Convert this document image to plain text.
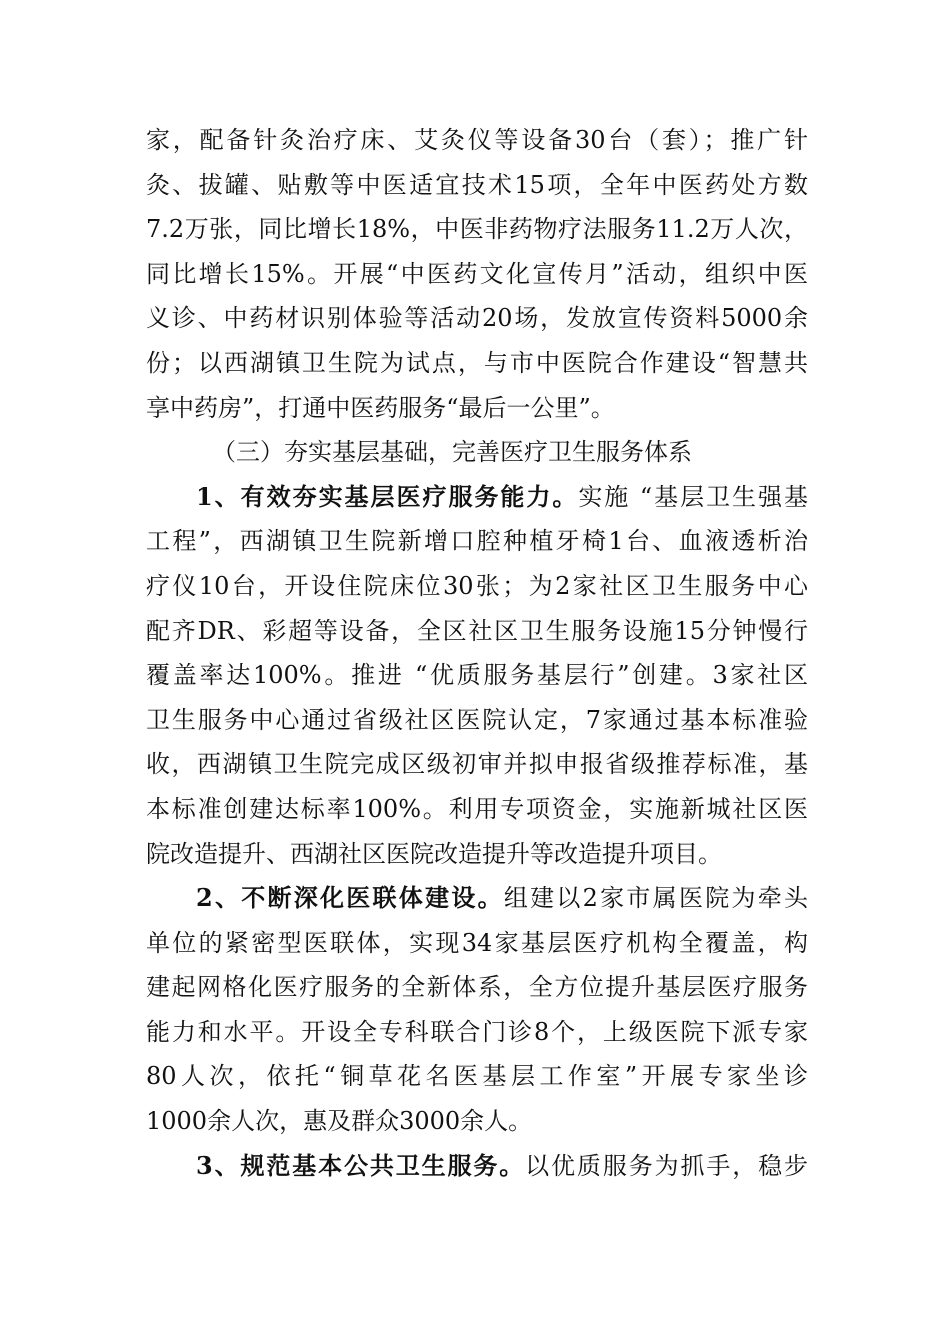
家，配备针灸治疗床、艾灸仪等设备30台（套）；推广针
灸、拔罐、贴敷等中医适宜技术15项，全年中医药处方数
7.2万张，同比增长18%，中医非药物疗法服务11.2万人次，
同比增长15%。开展“中医药文化宣传月”活动，组织中医
义诊、中药材识别体验等活动20场，发放宣传资料5000余
份；以西湖镇卫生院为试点，与市中医院合作建设“智慧共
享中药房”，打通中医药服务“最后一公里”。
（三）夯实基层基础，完善医疗卫生服务体系
1、有效夯实基层医疗服务能力。实施 “基层卫生强基
工程”，西湖镇卫生院新增口腔种植牙椅1台、血液透析治
疗仪10台，开设住院床位30张；为2家社区卫生服务中心
配齐DR、彩超等设备，全区社区卫生服务设施15分钟慢行
覆盖率达100%。推进 “优质服务基层行”创建。3家社区
卫生服务中心通过省级社区医院认定，7家通过基本标准验
收，西湖镇卫生院完成区级初审并拟申报省级推荐标准，基
本标准创建达标率100%。利用专项资金，实施新城社区医
院改造提升、西湖社区医院改造提升等改造提升项目。
2、不断深化医联体建设。组建以2家市属医院为牵头
单位的紧密型医联体，实现34家基层医疗机构全覆盖，构
建起网格化医疗服务的全新体系，全方位提升基层医疗服务
能力和水平。开设全专科联合门诊8个，上级医院下派专家
80人次，依托“铜草花名医基层工作室”开展专家坐诊
1000余人次，惠及群众3000余人。
3、规范基本公共卫生服务。以优质服务为抓手，稳步
